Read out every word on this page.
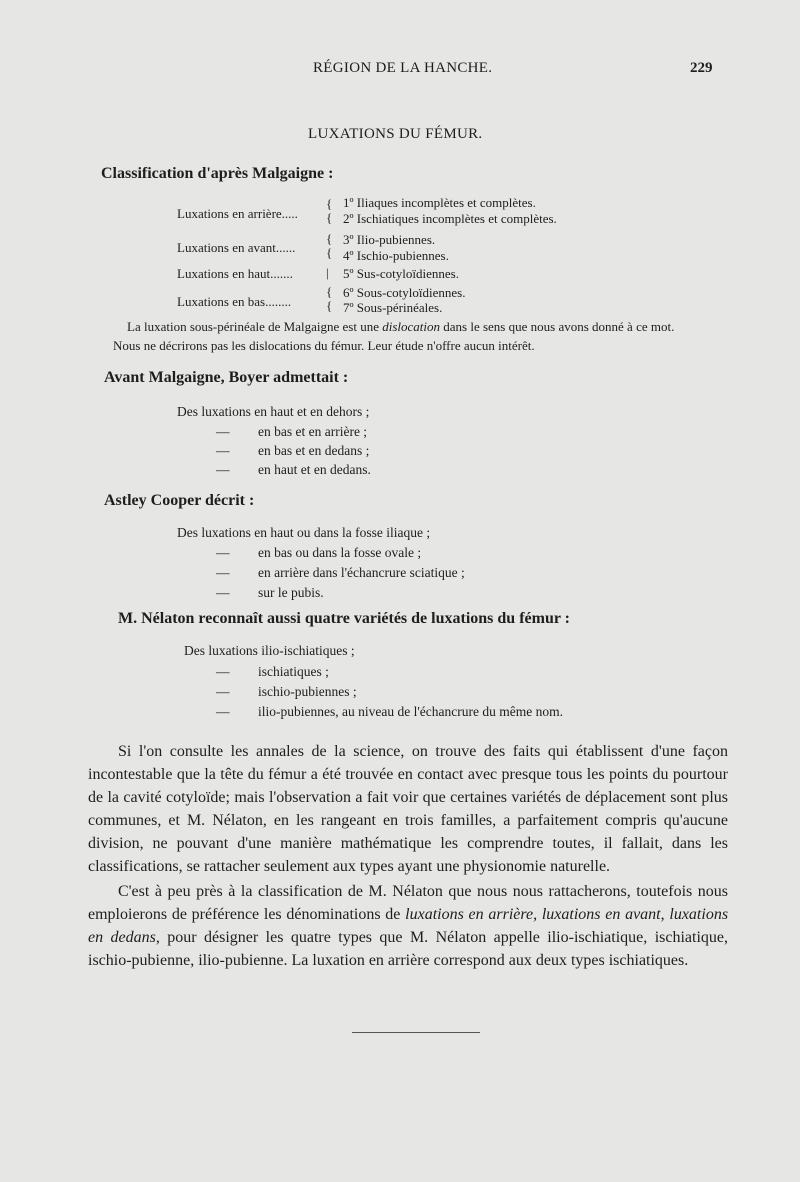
RÉGION DE LA HANCHE.	229
LUXATIONS DU FÉMUR.
Classification d'après Malgaigne :
Luxations en arrière.....
{
{
1º Iliaques incomplètes et complètes.
2º Ischiatiques incomplètes et complètes.
Luxations en avant......
{
{
3º Ilio-pubiennes.
4º Ischio-pubiennes.
Luxations en haut.......	| 5º Sus-cotyloïdiennes.
Luxations en bas........
{
{
6º Sous-cotyloïdiennes.
7º Sous-périnéales.
La luxation sous-périnéale de Malgaigne est une dislocation dans le sens que nous avons donné à ce mot.
Nous ne décrirons pas les dislocations du fémur. Leur étude n'offre aucun intérêt.
Avant Malgaigne, Boyer admettait :
Des luxations en haut et en dehors ;
— en bas et en arrière ;
— en bas et en dedans ;
— en haut et en dedans.
Astley Cooper décrit :
Des luxations en haut ou dans la fosse iliaque ;
— en bas ou dans la fosse ovale ;
— en arrière dans l'échancrure sciatique ;
— sur le pubis.
M. Nélaton reconnaît aussi quatre variétés de luxations du fémur :
Des luxations ilio-ischiatiques ;
— ischiatiques ;
— ischio-pubiennes ;
— ilio-pubiennes, au niveau de l'échancrure du même nom.

Si l'on consulte les annales de la science, on trouve des faits qui établissent d'une façon incontestable que la tête du fémur a été trouvée en contact avec presque tous les points du pourtour de la cavité cotyloïde; mais l'observation a fait voir que certaines variétés de déplacement sont plus communes, et M. Nélaton, en les rangeant en trois familles, a parfaitement compris qu'aucune division, ne pouvant d'une manière mathématique les comprendre toutes, il fallait, dans les classifications, se rattacher seulement aux types ayant une physionomie naturelle.

C'est à peu près à la classification de M. Nélaton que nous nous rattacherons, toutefois nous emploierons de préférence les dénominations de luxations en arrière, luxations en avant, luxations en dedans, pour désigner les quatre types que M. Nélaton appelle ilio-ischiatique, ischiatique, ischio-pubienne, ilio-pubienne. La luxation en arrière correspond aux deux types ischiatiques.
